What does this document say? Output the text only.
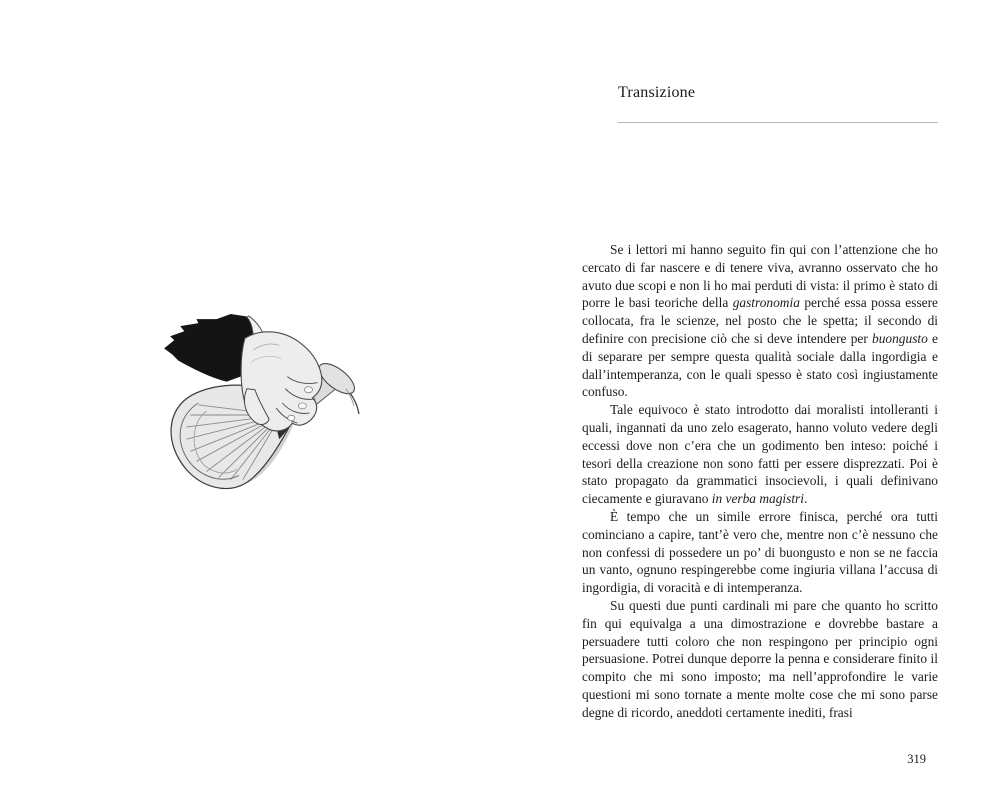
Transizione

Se i lettori mi hanno seguito fin qui con l’attenzione che ho cercato di far nascere e di tenere viva, avranno osservato che ho avuto due scopi e non li ho mai perduti di vista: il primo è stato di porre le basi teoriche della gastronomia perché essa possa essere collocata, fra le scienze, nel posto che le spetta; il secondo di definire con precisione ciò che si deve intendere per buongusto e di separare per sempre questa qualità sociale dalla ingordigia e dall’intemperanza, con le quali spesso è stato così ingiustamente confuso.

Tale equivoco è stato introdotto dai moralisti intolleranti i quali, ingannati da uno zelo esagerato, hanno voluto vedere degli eccessi dove non c’era che un godimento ben inteso: poiché i tesori della creazione non sono fatti per essere disprezzati. Poi è stato propagato da grammatici insocievoli, i quali definivano ciecamente e giuravano in verba magistri.

È tempo che un simile errore finisca, perché ora tutti cominciano a capire, tant’è vero che, mentre non c’è nessuno che non confessi di possedere un po’ di buongusto e non se ne faccia un vanto, ognuno respingerebbe come ingiuria villana l’accusa di ingordigia, di voracità e di intemperanza.

Su questi due punti cardinali mi pare che quanto ho scritto fin qui equivalga a una dimostrazione e dovrebbe bastare a persuadere tutti coloro che non respingono per principio ogni persuasione. Potrei dunque deporre la penna e considerare finito il compito che mi sono imposto; ma nell’approfondire le varie questioni mi sono tornate a mente molte cose che mi sono parse degne di ricordo, aneddoti certamente inediti, frasi

319
